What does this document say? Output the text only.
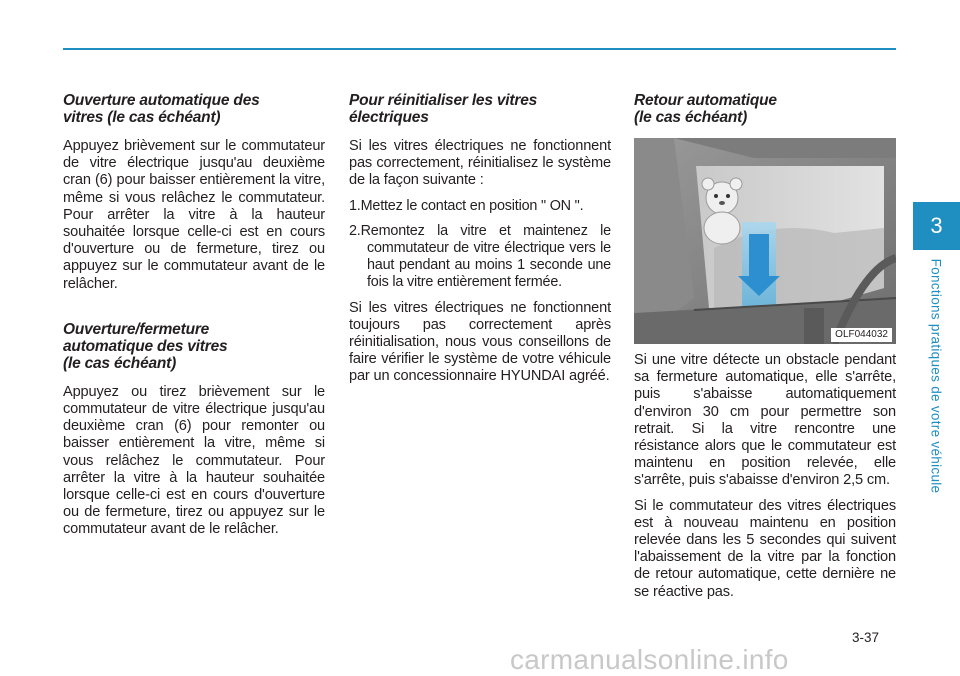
Ouverture automatique des
vitres (le cas échéant)

Appuyez brièvement sur le commutateur de vitre électrique jusqu'au deuxième cran (6) pour baisser entièrement la vitre, même si vous relâchez le commutateur. Pour arrêter la vitre à la hauteur souhaitée lorsque celle-ci est en cours d'ouverture ou de fermeture, tirez ou appuyez sur le commutateur avant de le relâcher.

Ouverture/fermeture
automatique des vitres
(le cas échéant)

Appuyez ou tirez brièvement sur le commutateur de vitre électrique jusqu'au deuxième cran (6) pour remonter ou baisser entièrement la vitre, même si vous relâchez le commutateur. Pour arrêter la vitre à la hauteur souhaitée lorsque celle-ci est en cours d'ouverture ou de fermeture, tirez ou appuyez sur le commutateur avant de le relâcher.

Pour réinitialiser les vitres
électriques

Si les vitres électriques ne fonctionnent pas correctement, réinitialisez le système de la façon suivante :

1.Mettez le contact en position " ON ".
2.Remontez la vitre et maintenez le commutateur de vitre électrique vers le haut pendant au moins 1 seconde une fois la vitre entièrement fermée.

Si les vitres électriques ne fonctionnent toujours pas correctement après réinitialisation, nous vous conseillons de faire vérifier le système de votre véhicule par un concessionnaire HYUNDAI agréé.

Retour automatique
(le cas échéant)
OLF044032

Si une vitre détecte un obstacle pendant sa fermeture automatique, elle s'arrête, puis s'abaisse automatiquement d'environ 30 cm pour permettre son retrait. Si la vitre rencontre une résistance alors que le commutateur est maintenu en position relevée, elle s'arrête, puis s'abaisse d'environ 2,5 cm.

Si le commutateur des vitres électriques est à nouveau maintenu en position relevée dans les 5 secondes qui suivent l'abaissement de la vitre par la fonction de retour automatique, cette dernière ne se réactive pas.

3
Fonctions pratiques de votre véhicule
3-37
carmanualsonline.info
